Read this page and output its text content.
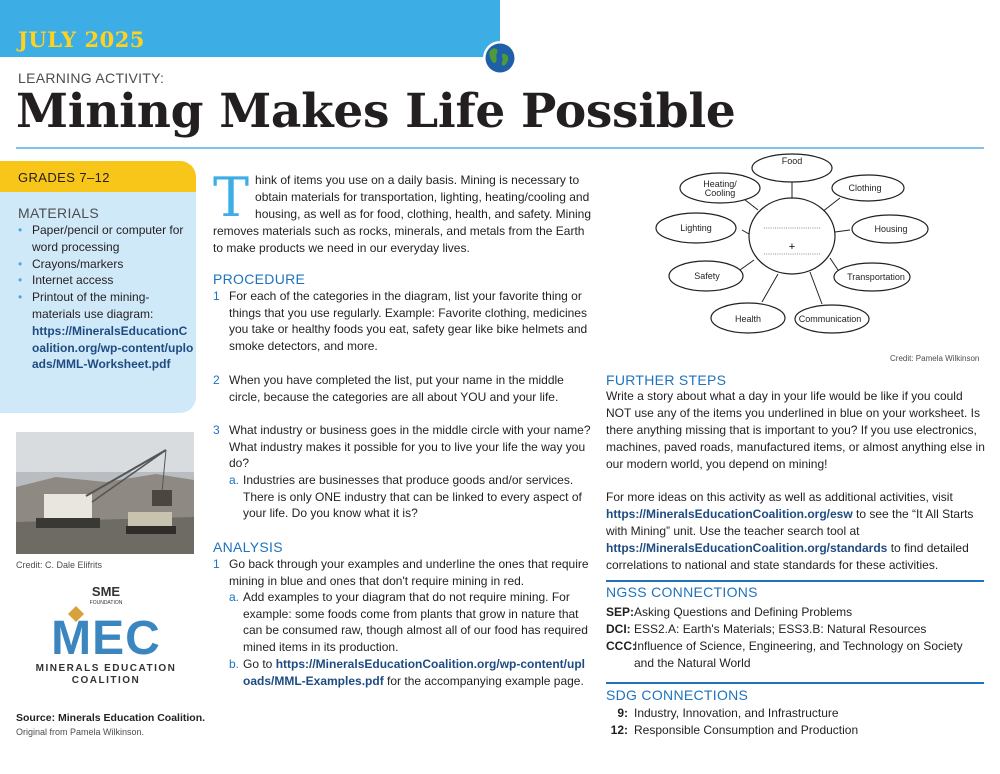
JULY 2025
LEARNING ACTIVITY:
Mining Makes Life Possible
GRADES 7–12
MATERIALS
• Paper/pencil or computer for word processing
• Crayons/markers
• Internet access
• Printout of the mining-materials use diagram:
https://MineralsEducationCoalition.org/wp-content/uploads/MML-Worksheet.pdf
Credit: C. Dale Elifrits
SME
FOUNDATION
MEC
MINERALS EDUCATION
COALITION
Source: Minerals Education Coalition.
Original from Pamela Wilkinson.
T hink of items you use on a daily basis. Mining is necessary to obtain materials for transportation, lighting, heating/cooling and housing, as well as for food, clothing, health, and safety. Mining removes materials such as rocks, minerals, and metals from the Earth to make products we need in our everyday lives.
PROCEDURE
1 For each of the categories in the diagram, list your favorite thing or things that you use regularly. Example: Favorite clothing, medicines you take or healthy foods you eat, safety gear like bike helmets and smoke detectors, and more.
2 When you have completed the list, put your name in the middle circle, because the categories are all about YOU and your life.
3 What industry or business goes in the middle circle with your name? What industry makes it possible for you to live your life the way you do?
a. Industries are businesses that produce goods and/or services. There is only ONE industry that can be linked to every aspect of your life. Do you know what it is?
ANALYSIS
1 Go back through your examples and underline the ones that require mining in blue and ones that don't require mining in red.
a. Add examples to your diagram that do not require mining. For example: some foods come from plants that grow in nature that can be consumed raw, though almost all of our food has required mined items in its production.
b. Go to https://MineralsEducationCoalition.org/wp-content/uploads/MML-Examples.pdf for the accompanying example page.
+
Food
Clothing
Housing
Transportation
Communication
Health
Safety
Lighting
Heating/
Cooling
Credit: Pamela Wilkinson
FURTHER STEPS
Write a story about what a day in your life would be like if you could NOT use any of the items you underlined in blue on your worksheet. Is there anything missing that is important to you? If you use electronics, machines, paved roads, manufactured items, or almost anything else in our modern world, you depend on mining!
For more ideas on this activity as well as additional activities, visit https://MineralsEducationCoalition.org/esw to see the “It All Starts with Mining” unit. Use the teacher search tool at https://MineralsEducationCoalition.org/standards to find detailed correlations to national and state standards for these activities.
NGSS CONNECTIONS
SEP: Asking Questions and Defining Problems
DCI: ESS2.A: Earth's Materials; ESS3.B: Natural Resources
CCC:
Influence of Science, Engineering, and Technology on Society and the Natural World
SDG CONNECTIONS
9: Industry, Innovation, and Infrastructure
12: Responsible Consumption and Production
